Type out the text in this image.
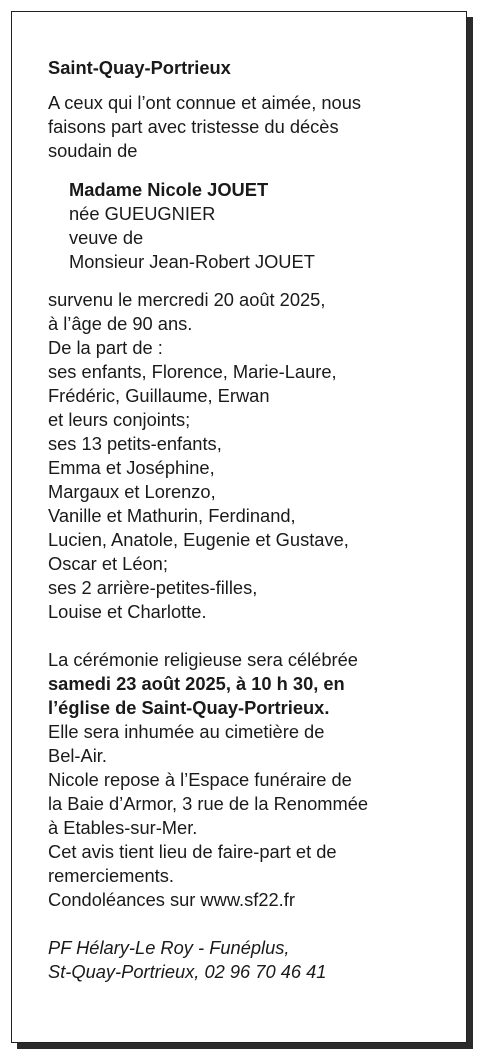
Saint-Quay-Portrieux

A ceux qui l’ont connue et aimée, nous
faisons part avec tristesse du décès
soudain de

Madame Nicole JOUET
née GUEUGNIER
veuve de
Monsieur Jean-Robert JOUET

survenu le mercredi 20 août 2025,
à l’âge de 90 ans.
De la part de :
ses enfants, Florence, Marie-Laure,
Frédéric, Guillaume, Erwan
et leurs conjoints;
ses 13 petits-enfants,
Emma et Joséphine,
Margaux et Lorenzo,
Vanille et Mathurin, Ferdinand,
Lucien, Anatole, Eugenie et Gustave,
Oscar et Léon;
ses 2 arrière-petites-filles,
Louise et Charlotte.

La cérémonie religieuse sera célébrée
samedi 23 août 2025, à 10 h 30, en
l’église de Saint-Quay-Portrieux.
Elle sera inhumée au cimetière de
Bel-Air.
Nicole repose à l’Espace funéraire de
la Baie d’Armor, 3 rue de la Renommée
à Etables-sur-Mer.
Cet avis tient lieu de faire-part et de
remerciements.
Condoléances sur www.sf22.fr

PF Hélary-Le Roy - Funéplus,
St-Quay-Portrieux, 02 96 70 46 41
